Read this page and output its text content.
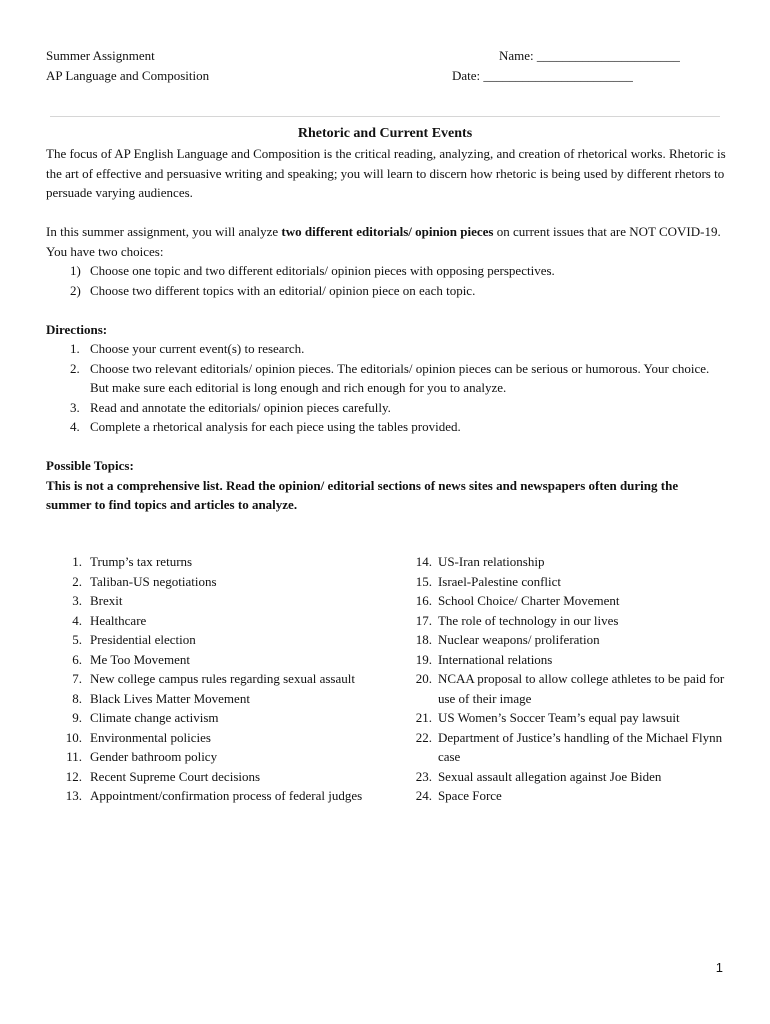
Summer Assignment
AP Language and Composition
Name: ______________________
Date: _______________________
Rhetoric and Current Events

The focus of AP English Language and Composition is the critical reading, analyzing, and creation of rhetorical works. Rhetoric is the art of effective and persuasive writing and speaking; you will learn to discern how rhetoric is being used by different rhetors to persuade varying audiences.

In this summer assignment, you will analyze two different editorials/ opinion pieces on current issues that are NOT COVID-19. You have two choices:

1) Choose one topic and two different editorials/ opinion pieces with opposing perspectives.
2) Choose two different topics with an editorial/ opinion piece on each topic.

Directions:

1. Choose your current event(s) to research.
2. Choose two relevant editorials/ opinion pieces. The editorials/ opinion pieces can be serious or humorous. Your choice. But make sure each editorial is long enough and rich enough for you to analyze.
3. Read and annotate the editorials/ opinion pieces carefully.
4. Complete a rhetorical analysis for each piece using the tables provided.

Possible Topics:

This is not a comprehensive list. Read the opinion/ editorial sections of news sites and newspapers often during the summer to find topics and articles to analyze.

1. Trump’s tax returns
2. Taliban-US negotiations
3. Brexit
4. Healthcare
5. Presidential election
6. Me Too Movement
7. New college campus rules regarding sexual assault
8. Black Lives Matter Movement
9. Climate change activism
10. Environmental policies
11. Gender bathroom policy
12. Recent Supreme Court decisions
13. Appointment/confirmation process of federal judges
14. US-Iran relationship
15. Israel-Palestine conflict
16. School Choice/ Charter Movement
17. The role of technology in our lives
18. Nuclear weapons/ proliferation
19. International relations
20. NCAA proposal to allow college athletes to be paid for use of their image
21. US Women’s Soccer Team’s equal pay lawsuit
22. Department of Justice’s handling of the Michael Flynn case
23. Sexual assault allegation against Joe Biden
24. Space Force
1
